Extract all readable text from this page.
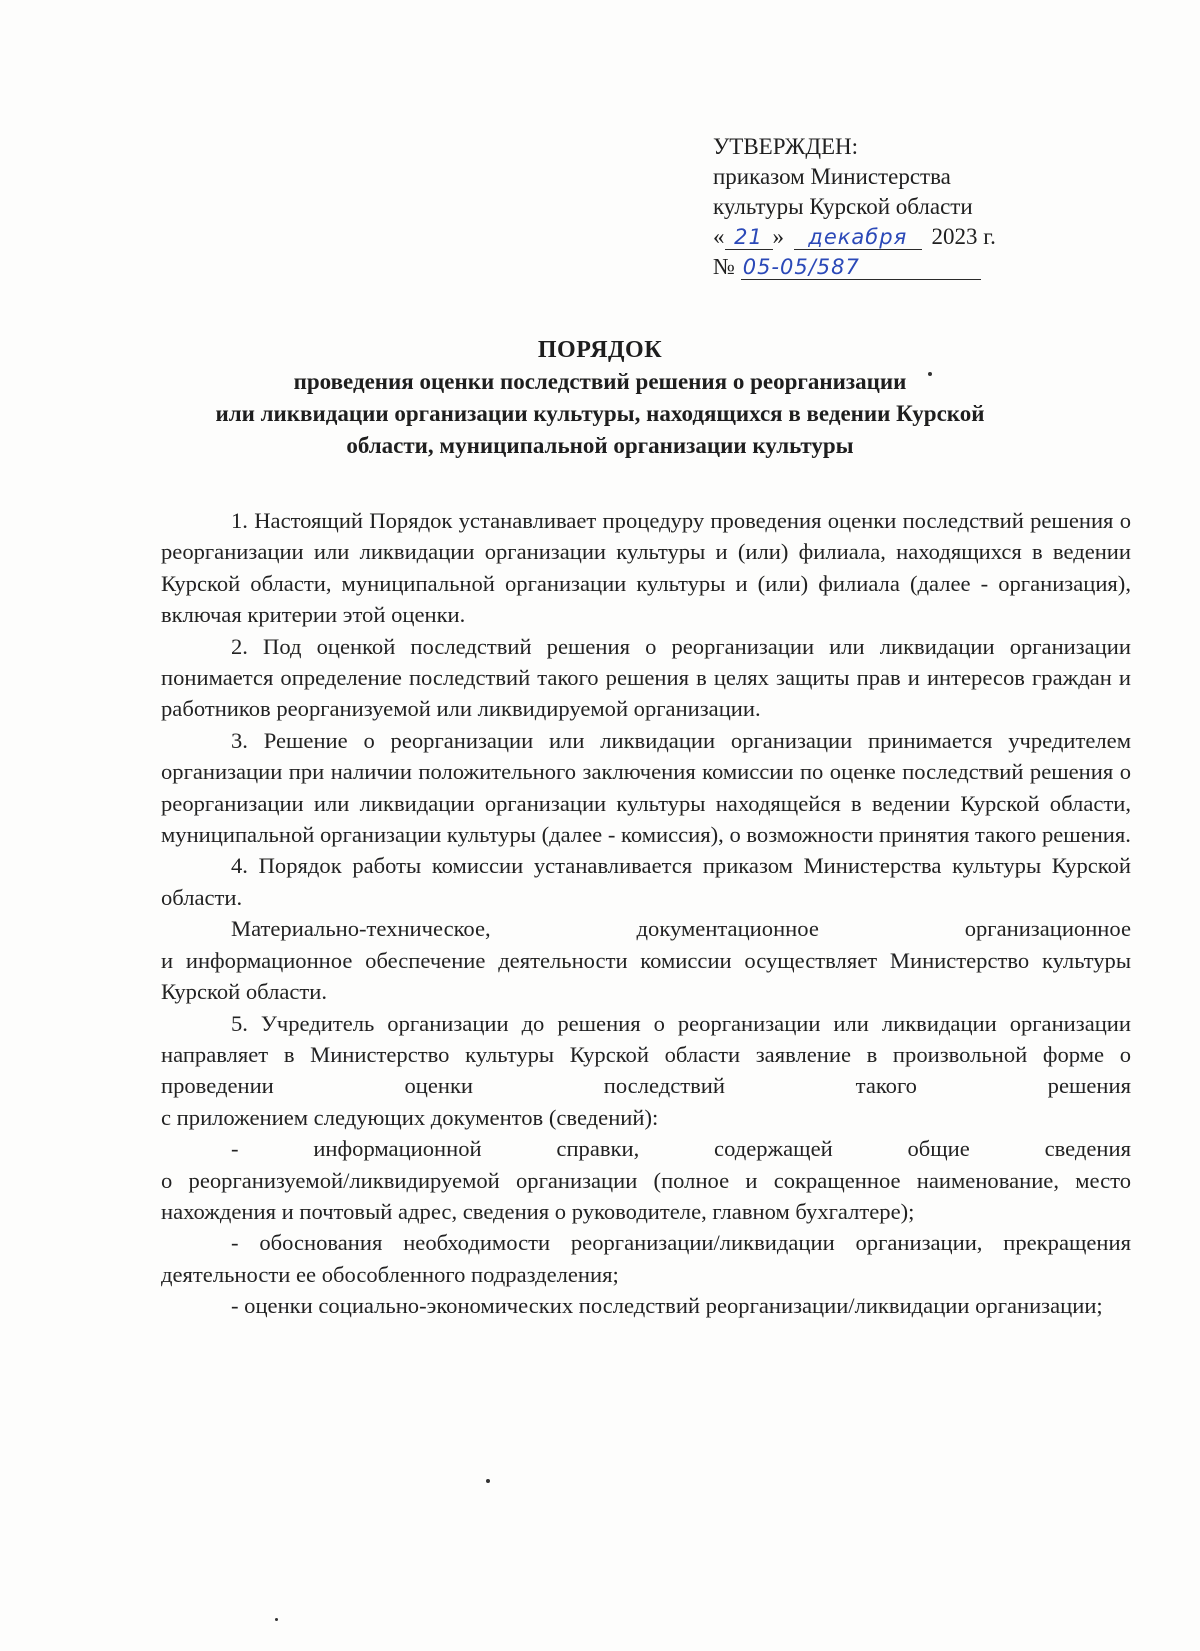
УТВЕРЖДЕН:
приказом Министерства
культуры Курской области
« 21 » декабря 2023 г.
№ 05-05/587
ПОРЯДОК
проведения оценки последствий решения о реорганизации
или ликвидации организации культуры, находящихся в ведении Курской
области, муниципальной организации культуры

1. Настоящий Порядок устанавливает процедуру проведения оценки последствий решения о реорганизации или ликвидации организации культуры и (или) филиала, находящихся в ведении Курской области, муниципальной организации культуры и (или) филиала (далее - организация), включая критерии этой оценки.

2. Под оценкой последствий решения о реорганизации или ликвидации организации понимается определение последствий такого решения в целях защиты прав и интересов граждан и работников реорганизуемой или ликвидируемой организации.

3. Решение о реорганизации или ликвидации организации принимается учредителем организации при наличии положительного заключения комиссии по оценке последствий решения о реорганизации или ликвидации организации культуры находящейся в ведении Курской области, муниципальной организации культуры (далее - комиссия), о возможности принятия такого решения.

4. Порядок работы комиссии устанавливается приказом Министерства культуры Курской области.

Материально-техническое, документационное организационное

и информационное обеспечение деятельности комиссии осуществляет Министерство культуры Курской области.

5. Учредитель организации до решения о реорганизации или ликвидации организации направляет в Министерство культуры Курской области заявление в произвольной форме о проведении оценки последствий такого решения

с приложением следующих документов (сведений):

- информационной справки, содержащей общие сведения

о реорганизуемой/ликвидируемой организации (полное и сокращенное наименование, место нахождения и почтовый адрес, сведения о руководителе, главном бухгалтере);

- обоснования необходимости реорганизации/ликвидации организации, прекращения деятельности ее обособленного подразделения;

- оценки социально-экономических последствий реорганизации/ликвидации организации;
